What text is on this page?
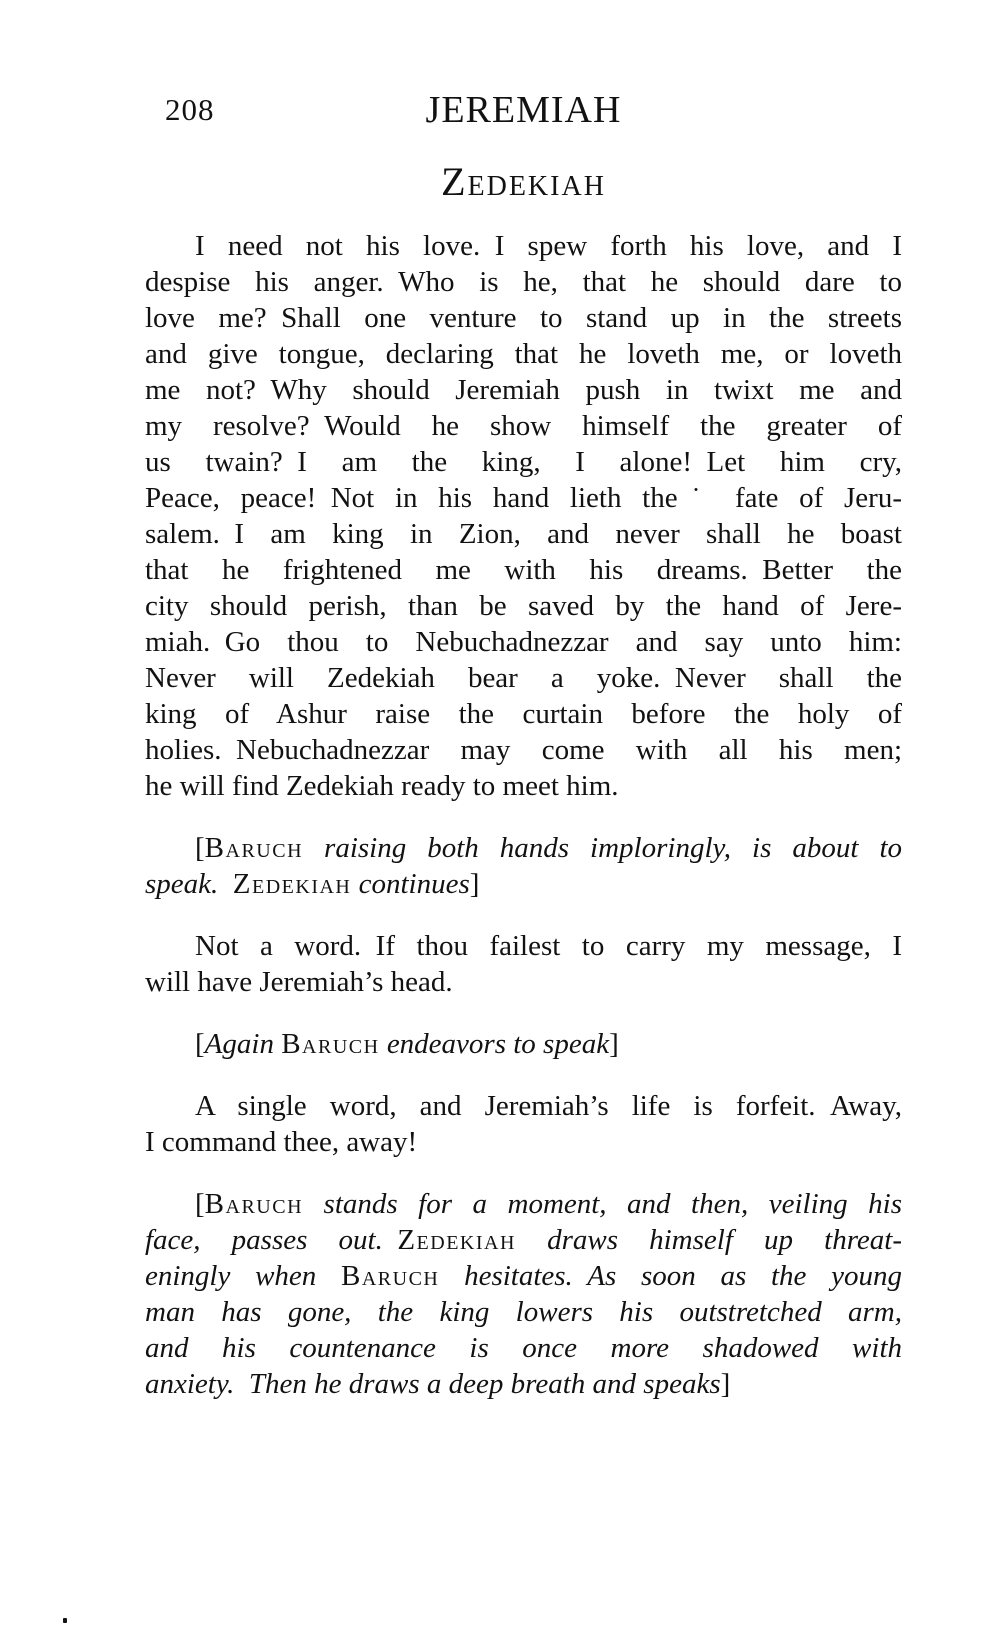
208	JEREMIAH
Zedekiah
I need not his love. I spew forth his love, and I
despise his anger. Who is he, that he should dare to
love me? Shall one venture to stand up in the streets
and give tongue, declaring that he loveth me, or loveth
me not? Why should Jeremiah push in twixt me and
my resolve? Would he show himself the greater of
us twain? I am the king, I alone! Let him cry,
Peace, peace! Not in his hand lieth the˙ fate of Jeru-
salem. I am king in Zion, and never shall he boast
that he frightened me with his dreams. Better the
city should perish, than be saved by the hand of Jere-
miah. Go thou to Nebuchadnezzar and say unto him:
Never will Zedekiah bear a yoke. Never shall the
king of Ashur raise the curtain before the holy of
holies. Nebuchadnezzar may come with all his men;
he will find Zedekiah ready to meet him.
[Baruch raising both hands imploringly, is about to
speak. Zedekiah continues]
Not a word. If thou failest to carry my message, I
will have Jeremiah’s head.
[Again Baruch endeavors to speak]
A single word, and Jeremiah’s life is forfeit. Away,
I command thee, away!
[Baruch stands for a moment, and then, veiling his
face, passes out. Zedekiah draws himself up threat-
eningly when Baruch hesitates. As soon as the young
man has gone, the king lowers his outstretched arm,
and his countenance is once more shadowed with
anxiety. Then he draws a deep breath and speaks]
